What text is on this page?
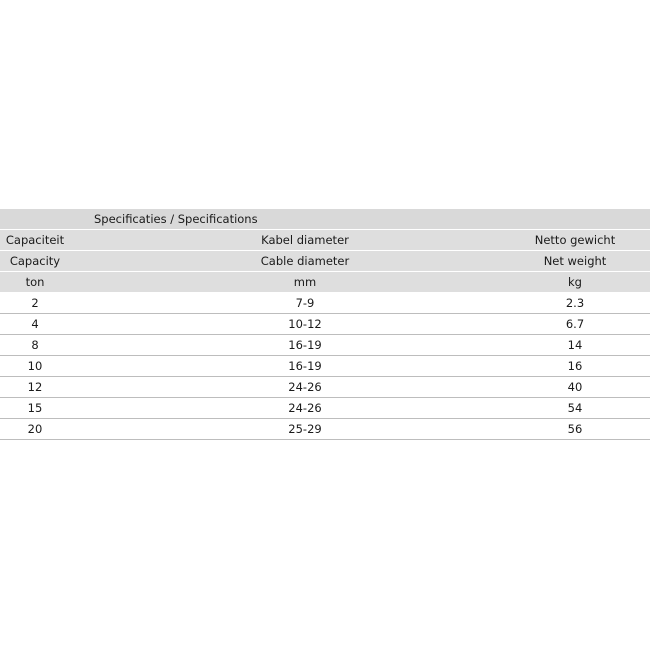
Specificaties / Specifications
Capaciteit	Kabel diameter	Netto gewicht
Capacity	Cable diameter	Net weight
ton	mm	kg
2	7-9	2.3
4	10-12	6.7
8	16-19	14
10	16-19	16
12	24-26	40
15	24-26	54
20	25-29	56
